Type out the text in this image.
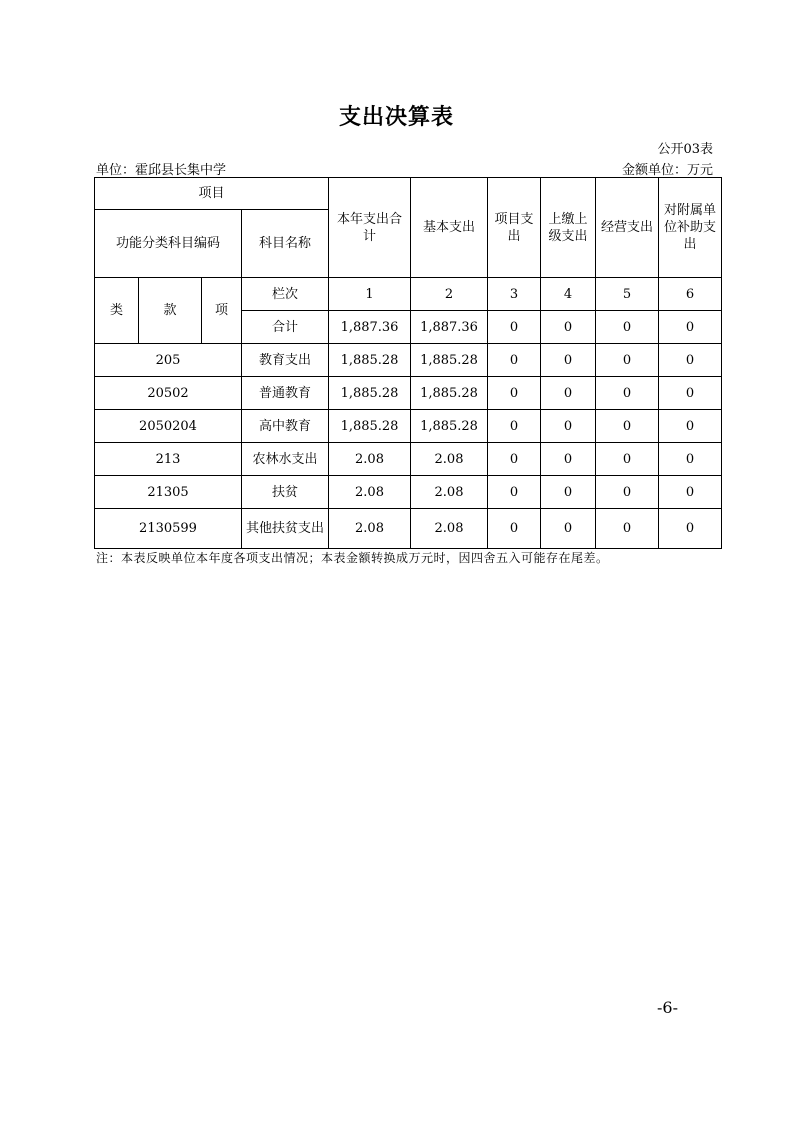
支出决算表
公开03表
单位：霍邱县长集中学	金额单位：万元
项目				本年支出合计	基本支出	项目支出	上缴上级支出	经营支出	对附属单位补助支出
功能分类科目编码			科目名称						
类	款	项	栏次	1	2	3	4	5	6
			合计	1,887.36	1,887.36	0	0	0	0
205			教育支出	1,885.28	1,885.28	0	0	0	0
20502			普通教育	1,885.28	1,885.28	0	0	0	0
2050204			高中教育	1,885.28	1,885.28	0	0	0	0
213			农林水支出	2.08	2.08	0	0	0	0
21305			扶贫	2.08	2.08	0	0	0	0
2130599			其他扶贫支出	2.08	2.08	0	0	0	0
注：本表反映单位本年度各项支出情况；本表金额转换成万元时，因四舍五入可能存在尾差。
-6-
